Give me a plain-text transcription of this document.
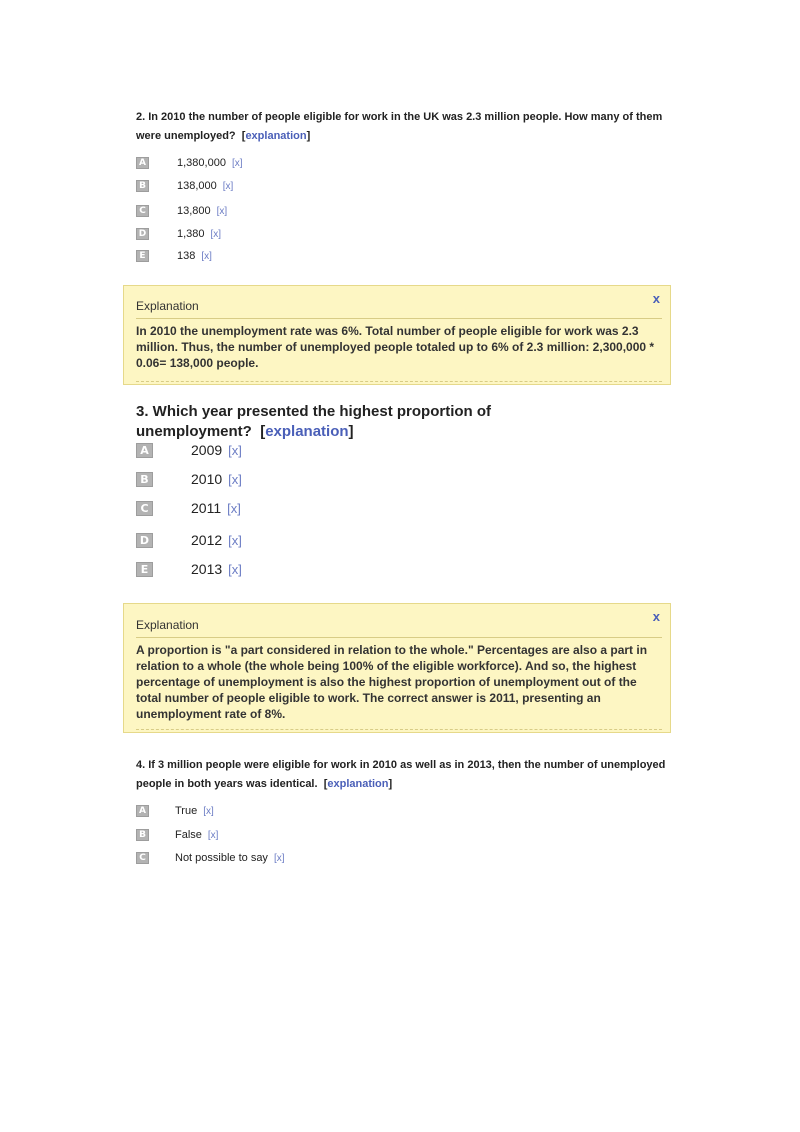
2. In 2010 the number of people eligible for work in the UK was 2.3 million people. How many of them were unemployed? [explanation]
A	1,380,000 [x]
B	138,000 [x]
C	13,800 [x]
D	1,380 [x]
E	138 [x]
Explanation	x
In 2010 the unemployment rate was 6%. Total number of people eligible for work was 2.3 million. Thus, the number of unemployed people totaled up to 6% of 2.3 million: 2,300,000 * 0.06= 138,000 people.
3. Which year presented the highest proportion of unemployment? [explanation]
A	2009 [x]
B	2010 [x]
C	2011 [x]
D	2012 [x]
E	2013 [x]
Explanation
x
A proportion is "a part considered in relation to the whole." Percentages are also a part in relation to a whole (the whole being 100% of the eligible workforce). And so, the highest percentage of unemployment is also the highest proportion of unemployment out of the total number of people eligible to work. The correct answer is 2011, presenting an unemployment rate of 8%.
4. If 3 million people were eligible for work in 2010 as well as in 2013, then the number of unemployed people in both years was identical. [explanation]
A	True [x]
B	False [x]
C	Not possible to say [x]
